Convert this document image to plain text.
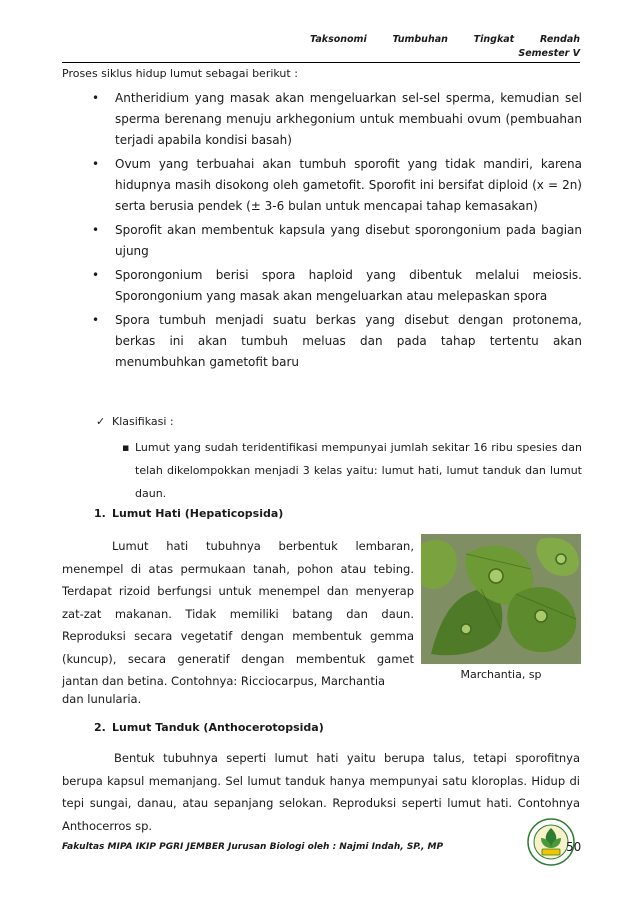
Taksonomi Tumbuhan Tingkat Rendah
Semester V
Proses siklus hidup lumut sebagai berikut :
• Antheridium yang masak akan mengeluarkan sel-sel sperma, kemudian sel sperma berenang menuju arkhegonium untuk membuahi ovum (pembuahan terjadi apabila kondisi basah)
• Ovum yang terbuahai akan tumbuh sporofit yang tidak mandiri, karena hidupnya masih disokong oleh gametofit. Sporofit ini bersifat diploid (x = 2n) serta berusia pendek (± 3-6 bulan untuk mencapai tahap kemasakan)
• Sporofit akan membentuk kapsula yang disebut sporongonium pada bagian ujung
• Sporongonium berisi spora haploid yang dibentuk melalui meiosis. Sporongonium yang masak akan mengeluarkan atau melepaskan spora
• Spora tumbuh menjadi suatu berkas yang disebut dengan protonema, berkas ini akan tumbuh meluas dan pada tahap tertentu akan menumbuhkan gametofit baru
✓ Klasifikasi :
▪ Lumut yang sudah teridentifikasi mempunyai jumlah sekitar 16 ribu spesies dan telah dikelompokkan menjadi 3 kelas yaitu: lumut hati, lumut tanduk dan lumut daun.
1. Lumut Hati (Hepaticopsida)

Lumut hati tubuhnya berbentuk lembaran, menempel di atas permukaan tanah, pohon atau tebing. Terdapat rizoid berfungsi untuk menempel dan menyerap zat-zat makanan. Tidak memiliki batang dan daun. Reproduksi secara vegetatif dengan membentuk gemma (kuncup), secara generatif dengan membentuk gamet jantan dan betina. Contohnya: Ricciocarpus, Marchantia

dan lunularia.
Marchantia, sp
2. Lumut Tanduk (Anthocerotopsida)

Bentuk tubuhnya seperti lumut hati yaitu berupa talus, tetapi sporofitnya berupa kapsul memanjang. Sel lumut tanduk hanya mempunyai satu kloroplas. Hidup di tepi sungai, danau, atau sepanjang selokan. Reproduksi seperti lumut hati. Contohnya Anthocerros sp.

Fakultas MIPA IKIP PGRI JEMBER Jurusan Biologi oleh : Najmi Indah, SP., MP	50
